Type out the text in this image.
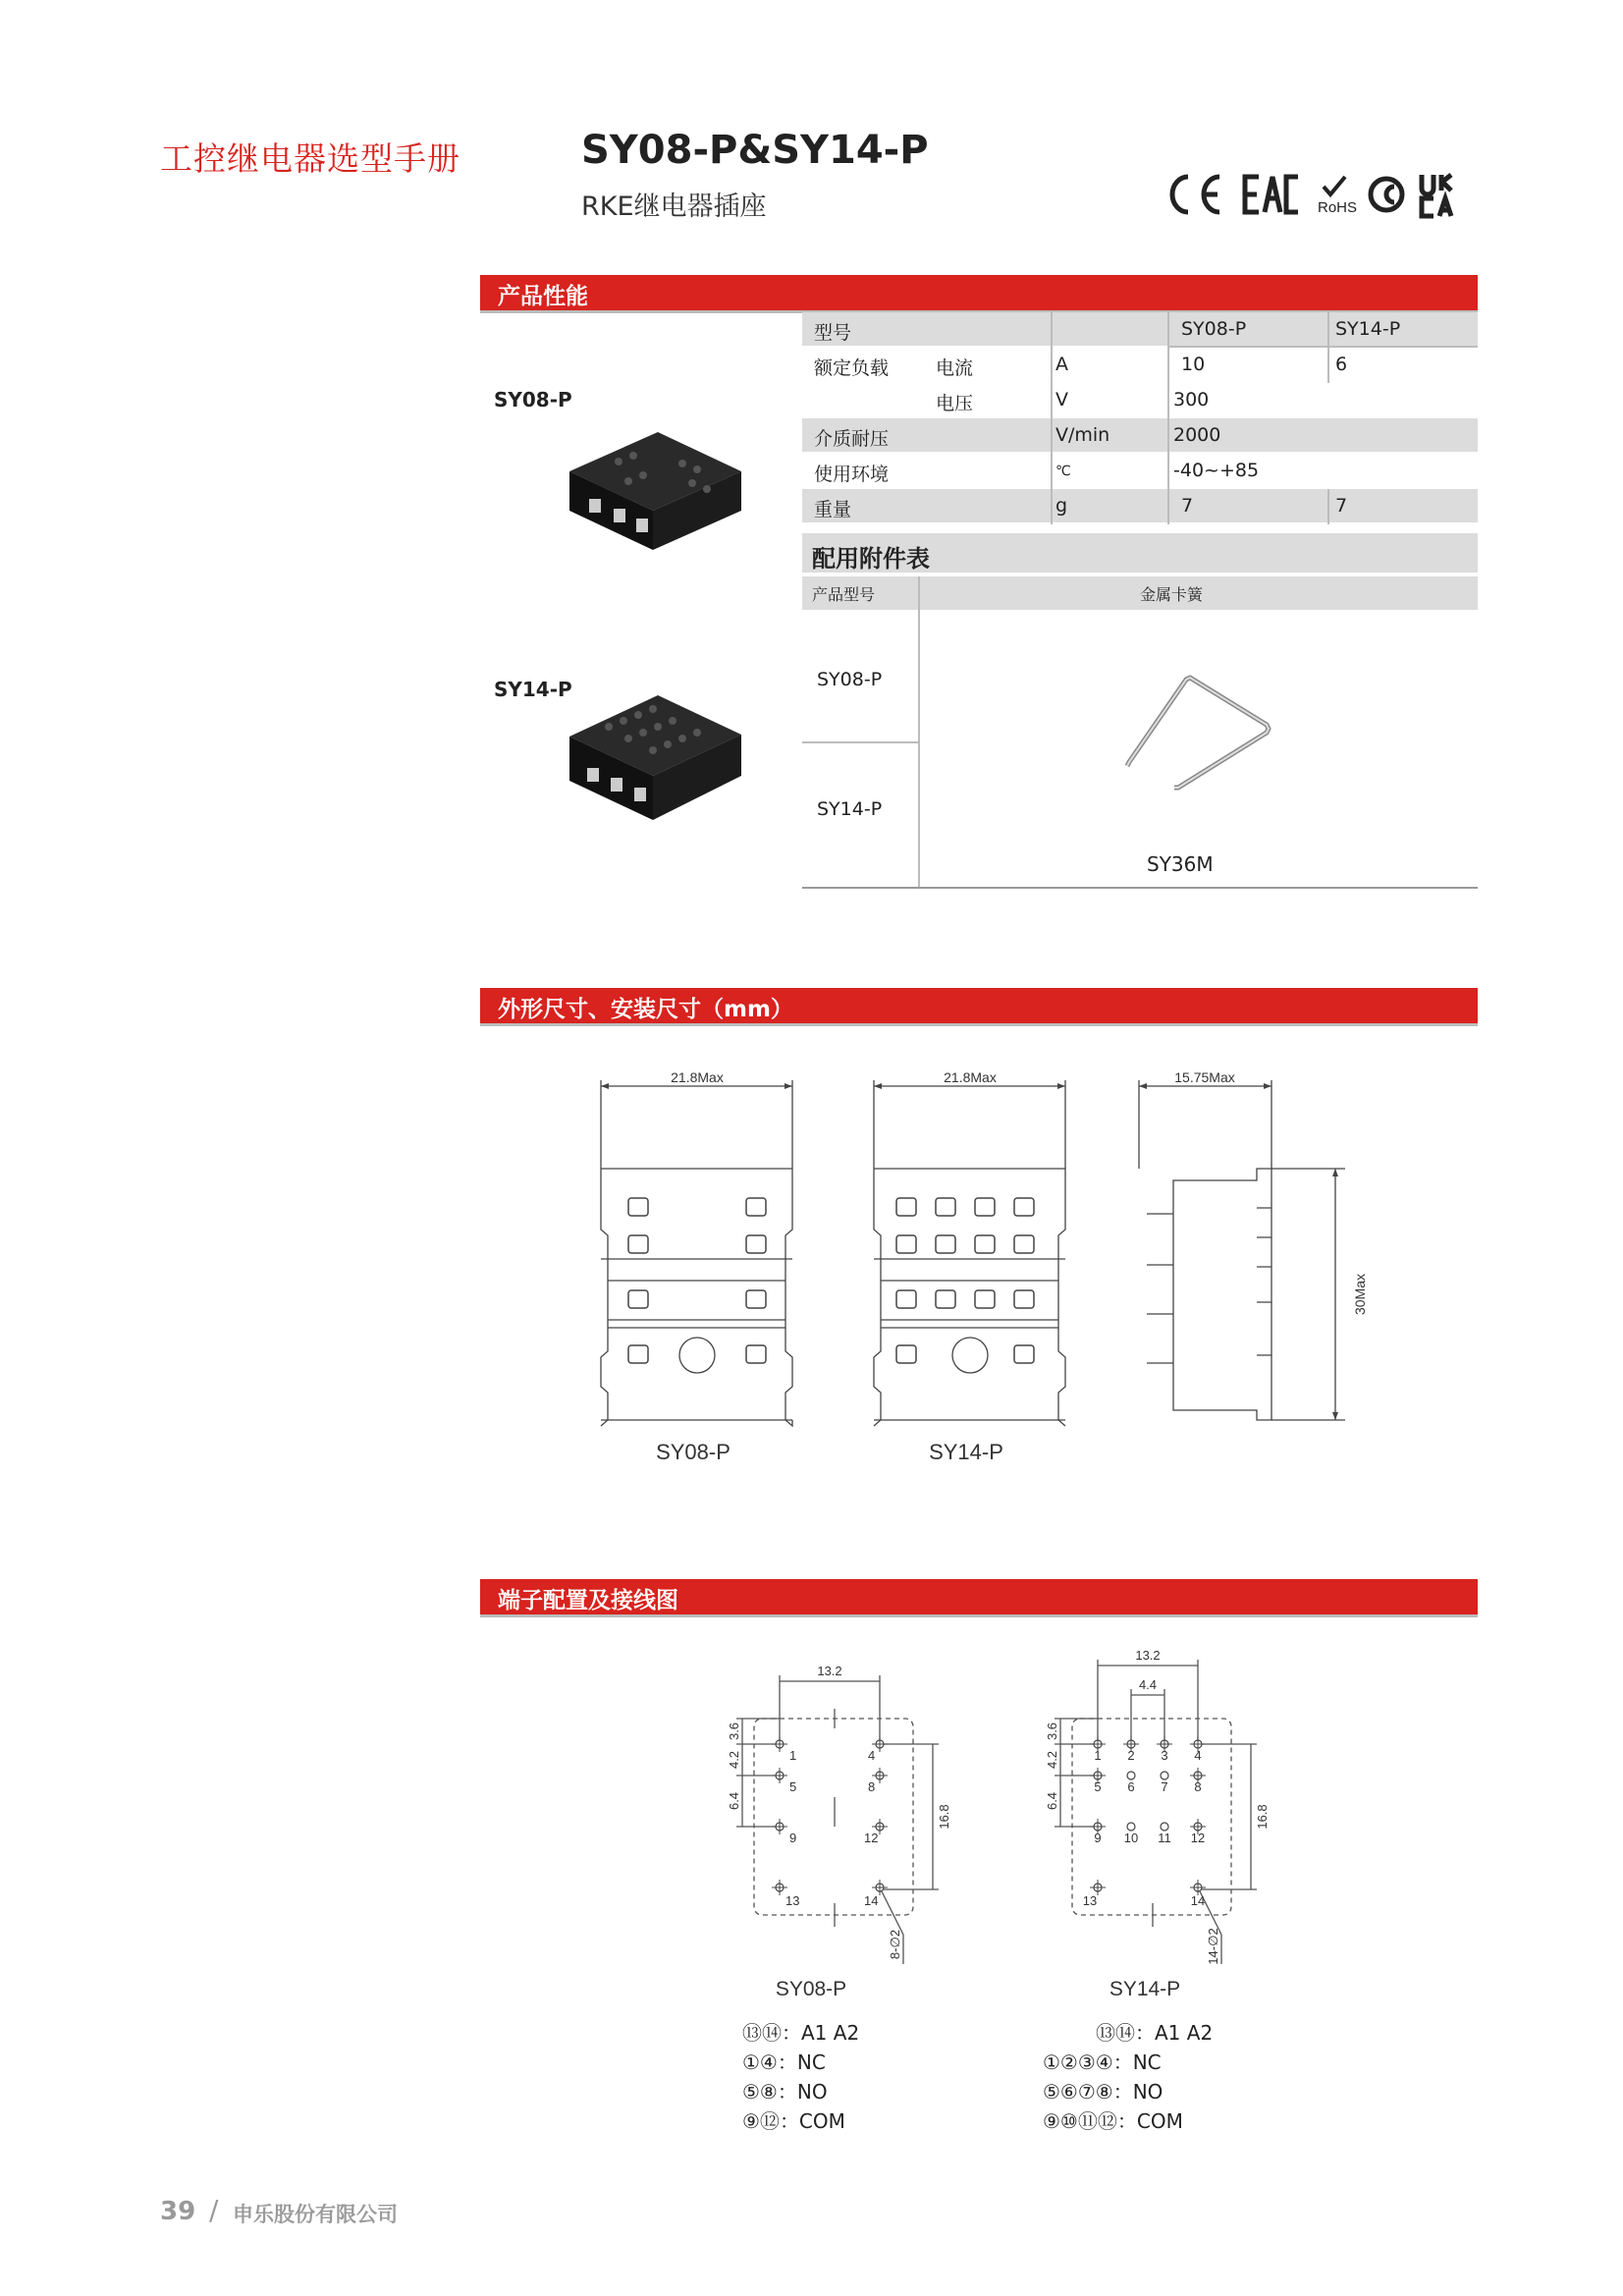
工控继电器选型手册	SY08-P&SY14-P
RKE继电器插座	RoHS
产品性能
SY08-P
SY14-P
型号	SY08-P	SY14-P
额定负载	电流	A	10	6
电压	V	300
介质耐压	V/min	2000
使用环境	℃	-40~+85
重量	g	7	7
配用附件表
产品型号	金属卡簧
SY08-P
SY14-P
SY36M
外形尺寸、安装尺寸（mm）
21.8Max	21.8Max	15.75Max
30Max
SY08-P	SY14-P
端子配置及接线图
13.2
3.6
4.2
6.4
16.8
8-∅2
1	4
5	8
9	12
13	14
13.2
4.4
3.6
4.2
6.4
16.8
14-∅2
1 2 3 4
5 6 7 8
9 10 11 12
13	14
SY08-P	SY14-P
⑬⑭：A1 A2
①④：NC
⑤⑧：NO
⑨⑫：COM
⑬⑭：A1 A2
①②③④：NC
⑤⑥⑦⑧：NO
⑨⑩⑪⑫：COM
39 / 申乐股份有限公司
